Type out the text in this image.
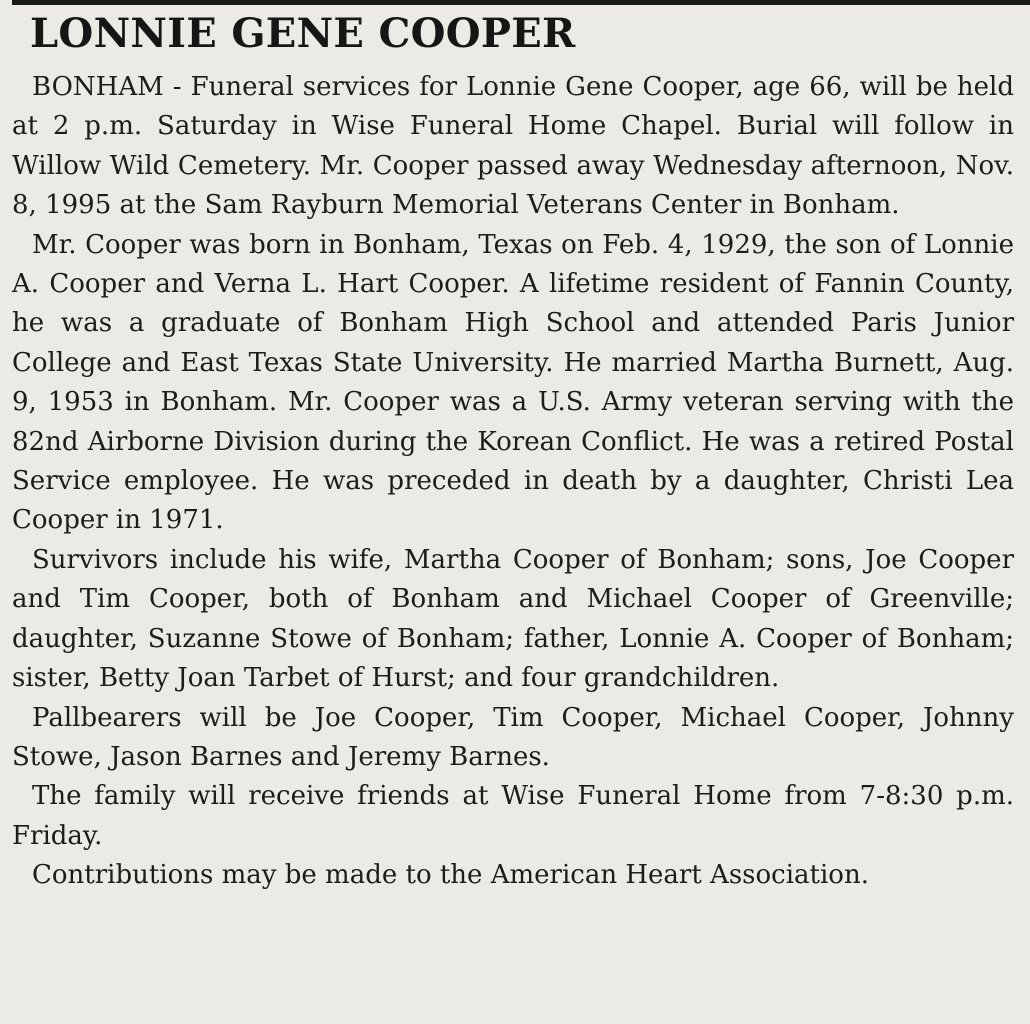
LONNIE GENE COOPER

BONHAM - Funeral services for Lonnie Gene Cooper, age 66, will be held at 2 p.m. Saturday in Wise Funeral Home Chapel. Burial will follow in Willow Wild Cemetery. Mr. Cooper passed away Wednesday afternoon, Nov. 8, 1995 at the Sam Rayburn Memorial Veterans Center in Bonham.

Mr. Cooper was born in Bonham, Texas on Feb. 4, 1929, the son of Lonnie A. Cooper and Verna L. Hart Cooper. A lifetime resident of Fannin County, he was a graduate of Bonham High School and attended Paris Junior College and East Texas State University. He married Martha Burnett, Aug. 9, 1953 in Bonham. Mr. Cooper was a U.S. Army veteran serving with the 82nd Airborne Division during the Korean Conflict. He was a retired Postal Service employee. He was preceded in death by a daughter, Christi Lea Cooper in 1971.

Survivors include his wife, Martha Cooper of Bonham; sons, Joe Cooper and Tim Cooper, both of Bonham and Michael Cooper of Greenville; daughter, Suzanne Stowe of Bonham; father, Lonnie A. Cooper of Bonham; sister, Betty Joan Tarbet of Hurst; and four grandchildren.

Pallbearers will be Joe Cooper, Tim Cooper, Michael Cooper, Johnny Stowe, Jason Barnes and Jeremy Barnes.

The family will receive friends at Wise Funeral Home from 7-8:30 p.m. Friday.

Contributions may be made to the American Heart Association.
